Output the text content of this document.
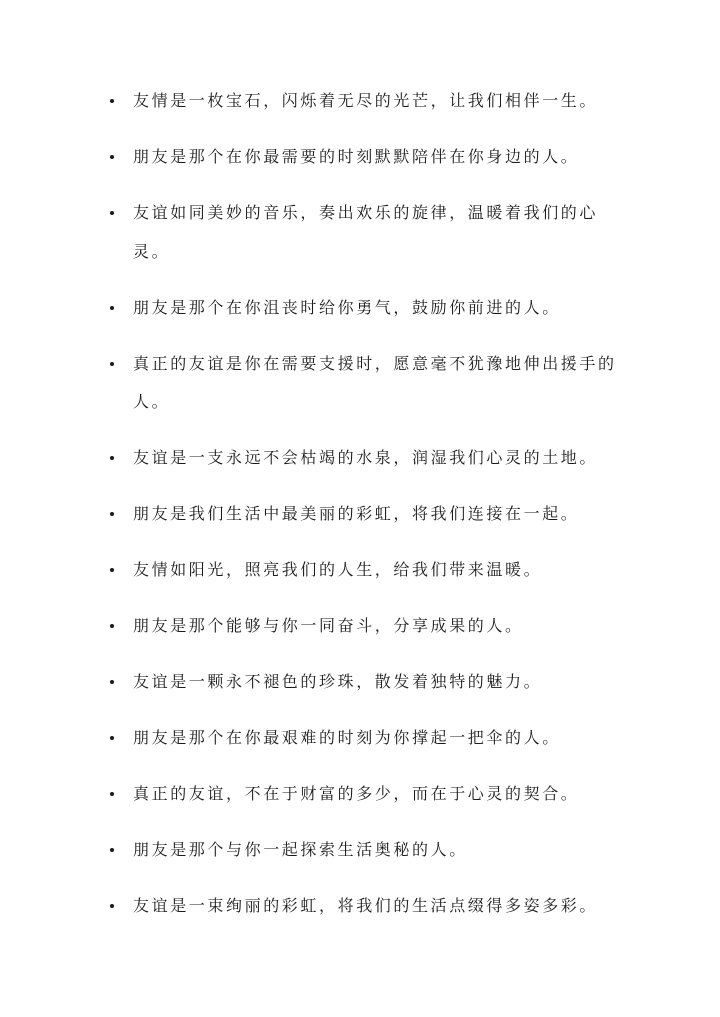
友情是一枚宝石，闪烁着无尽的光芒，让我们相伴一生。
朋友是那个在你最需要的时刻默默陪伴在你身边的人。
友谊如同美妙的音乐，奏出欢乐的旋律，温暖着我们的心灵。
朋友是那个在你沮丧时给你勇气，鼓励你前进的人。
真正的友谊是你在需要支援时，愿意毫不犹豫地伸出援手的人。
友谊是一支永远不会枯竭的水泉，润湿我们心灵的土地。
朋友是我们生活中最美丽的彩虹，将我们连接在一起。
友情如阳光，照亮我们的人生，给我们带来温暖。
朋友是那个能够与你一同奋斗，分享成果的人。
友谊是一颗永不褪色的珍珠，散发着独特的魅力。
朋友是那个在你最艰难的时刻为你撑起一把伞的人。
真正的友谊，不在于财富的多少，而在于心灵的契合。
朋友是那个与你一起探索生活奥秘的人。
友谊是一束绚丽的彩虹，将我们的生活点缀得多姿多彩。
